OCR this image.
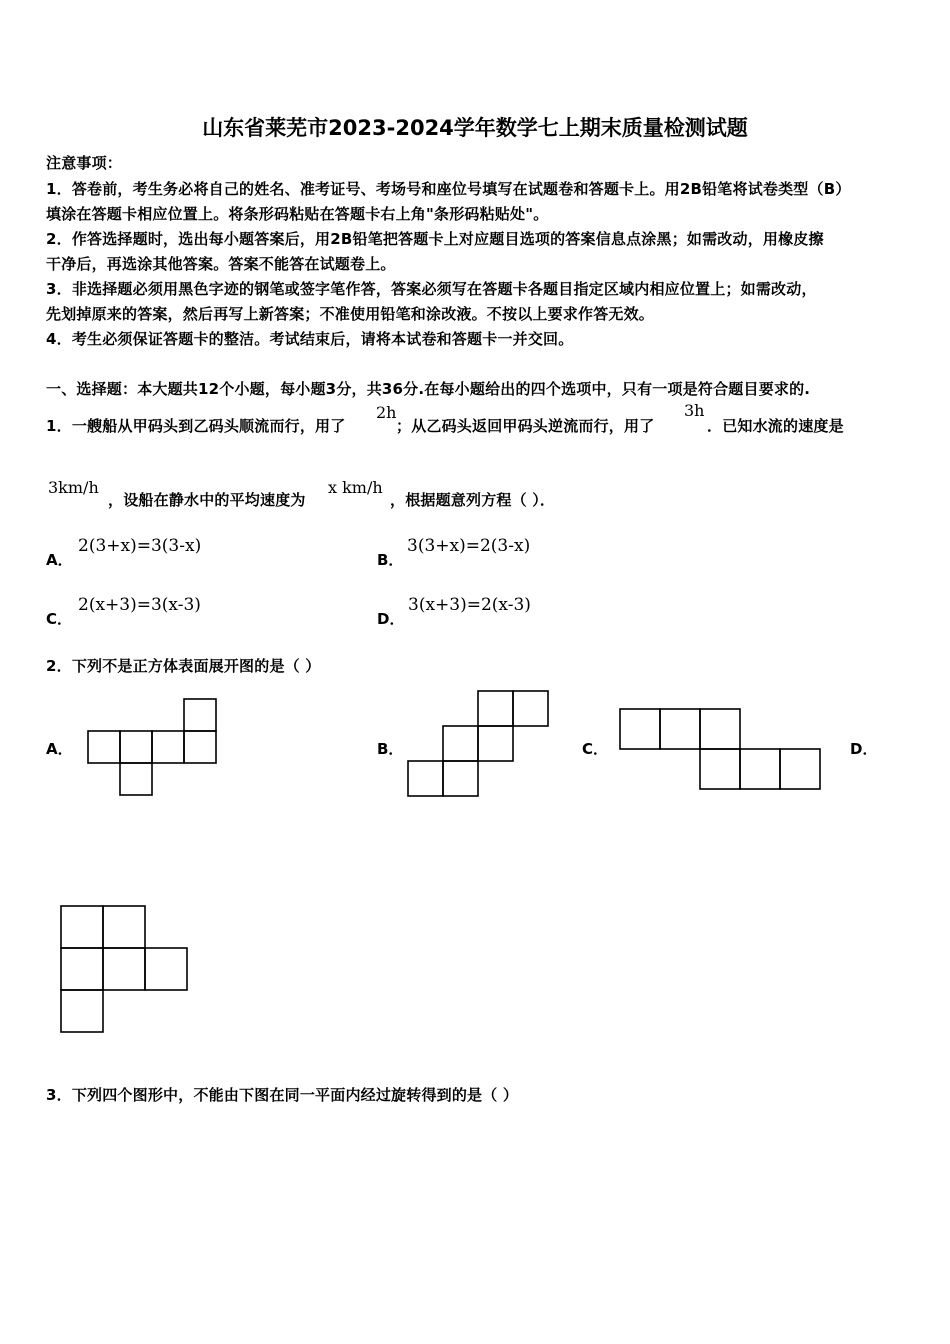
山东省莱芜市2023-2024学年数学七上期末质量检测试题
注意事项：
1．答卷前，考生务必将自己的姓名、准考证号、考场号和座位号填写在试题卷和答题卡上。用2B铅笔将试卷类型（B）
填涂在答题卡相应位置上。将条形码粘贴在答题卡右上角"条形码粘贴处"。
2．作答选择题时，选出每小题答案后，用2B铅笔把答题卡上对应题目选项的答案信息点涂黑；如需改动，用橡皮擦
干净后，再选涂其他答案。答案不能答在试题卷上。
3．非选择题必须用黑色字迹的钢笔或签字笔作答，答案必须写在答题卡各题目指定区域内相应位置上；如需改动，
先划掉原来的答案，然后再写上新答案；不准使用铅笔和涂改液。不按以上要求作答无效。
4．考生必须保证答题卡的整洁。考试结束后，请将本试卷和答题卡一并交回。
一、选择题：本大题共12个小题，每小题3分，共36分.在每小题给出的四个选项中，只有一项是符合题目要求的.
1．一艘船从甲码头到乙码头顺流而行，用了
2h
；从乙码头返回甲码头逆流而行，用了
3h
．已知水流的速度是
3km/h
，设船在静水中的平均速度为
x km/h
，根据题意列方程（ ）．
A．
2(3+x)=3(3-x)
B．
3(3+x)=2(3-x)
C．
2(x+3)=3(x-3)
D．
3(x+3)=2(x-3)
2．下列不是正方体表面展开图的是（ ）
A．	B．	C．	D．
3．下列四个图形中，不能由下图在同一平面内经过旋转得到的是（ ）
